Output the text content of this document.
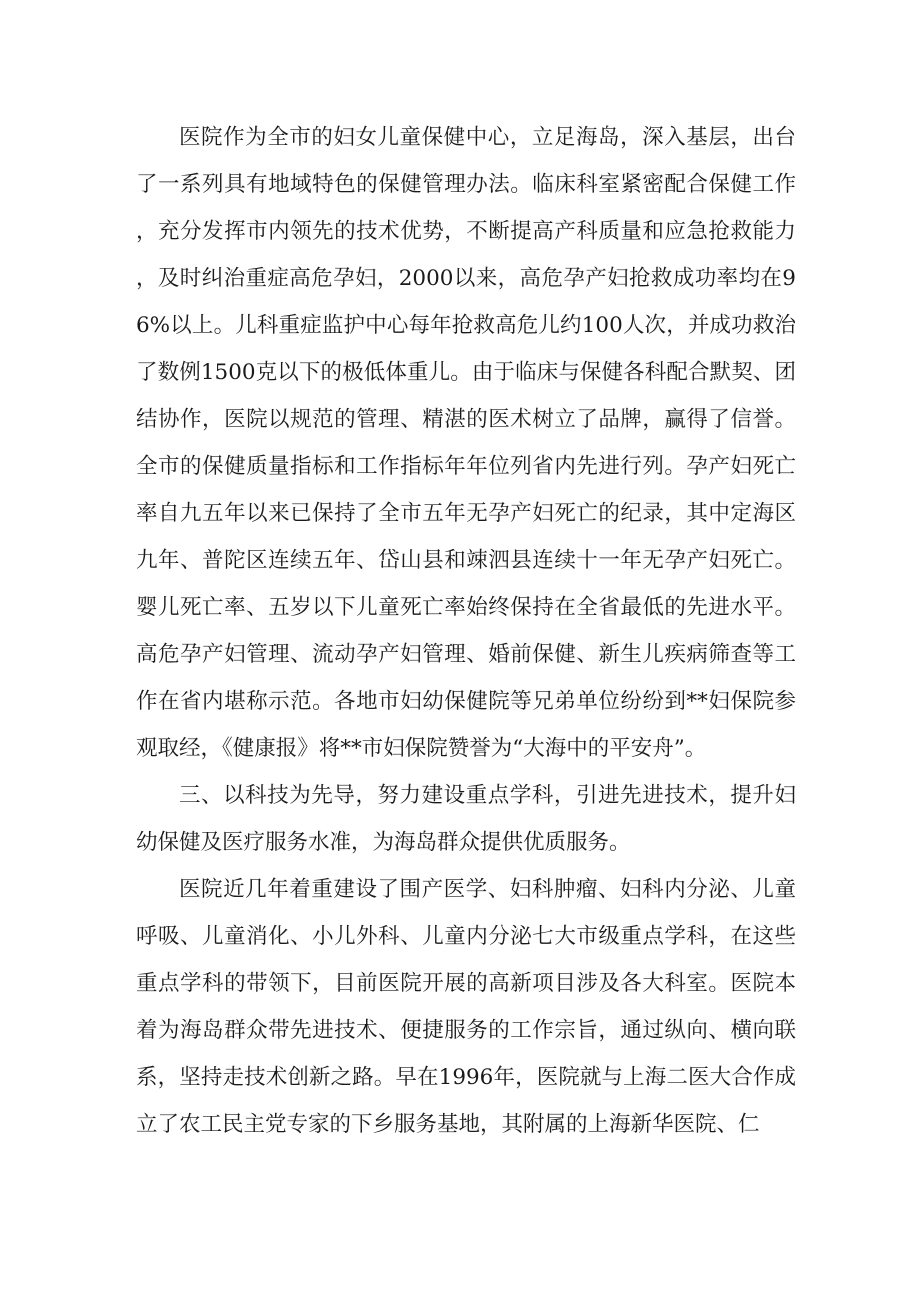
医院作为全市的妇女儿童保健中心，立足海岛，深入基层，出台了一系列具有地域特色的保健管理办法。临床科室紧密配合保健工作，充分发挥市内领先的技术优势，不断提高产科质量和应急抢救能力，及时纠治重症高危孕妇，2000以来，高危孕产妇抢救成功率均在96%以上。儿科重症监护中心每年抢救高危儿约100人次，并成功救治了数例1500克以下的极低体重儿。由于临床与保健各科配合默契、团结协作，医院以规范的管理、精湛的医术树立了品牌，赢得了信誉。全市的保健质量指标和工作指标年年位列省内先进行列。孕产妇死亡率自九五年以来已保持了全市五年无孕产妇死亡的纪录，其中定海区九年、普陀区连续五年、岱山县和竦泗县连续十一年无孕产妇死亡。婴儿死亡率、五岁以下儿童死亡率始终保持在全省最低的先进水平。高危孕产妇管理、流动孕产妇管理、婚前保健、新生儿疾病筛查等工作在省内堪称示范。各地市妇幼保健院等兄弟单位纷纷到**妇保院参观取经，《健康报》将**市妇保院赞誉为“大海中的平安舟”。

三、以科技为先导，努力建设重点学科，引进先进技术，提升妇幼保健及医疗服务水准，为海岛群众提供优质服务。

医院近几年着重建设了围产医学、妇科肿瘤、妇科内分泌、儿童呼吸、儿童消化、小儿外科、儿童内分泌七大市级重点学科，在这些重点学科的带领下，目前医院开展的高新项目涉及各大科室。医院本着为海岛群众带先进技术、便捷服务的工作宗旨，通过纵向、横向联系，坚持走技术创新之路。早在1996年，医院就与上海二医大合作成立了农工民主党专家的下乡服务基地，其附属的上海新华医院、仁
